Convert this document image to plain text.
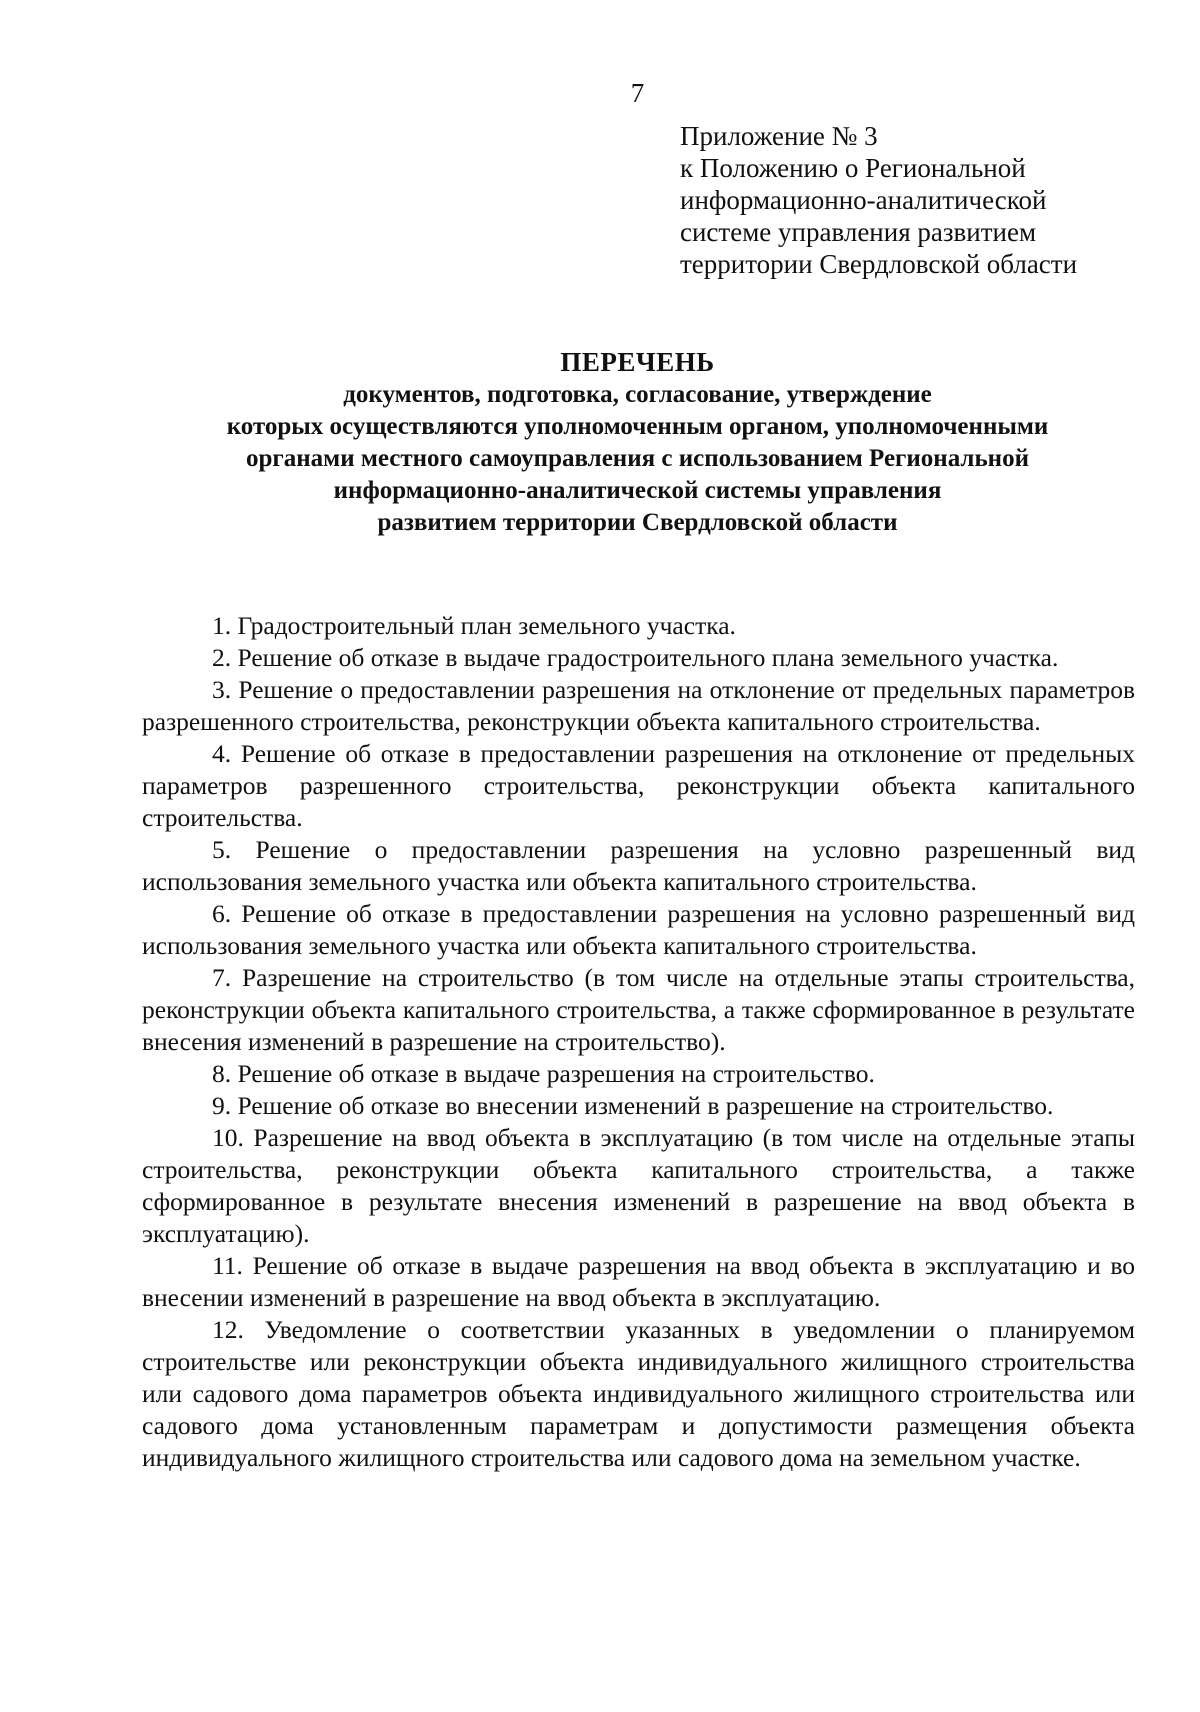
7
Приложение № 3
к Положению о Региональной
информационно-аналитической
системе управления развитием
территории Свердловской области
ПЕРЕЧЕНЬ
документов, подготовка, согласование, утверждение
которых осуществляются уполномоченным органом, уполномоченными
органами местного самоуправления с использованием Региональной
информационно-аналитической системы управления
развитием территории Свердловской области

1. Градостроительный план земельного участка.

2. Решение об отказе в выдаче градостроительного плана земельного участка.

3. Решение о предоставлении разрешения на отклонение от предельных параметров разрешенного строительства, реконструкции объекта капитального строительства.

4. Решение об отказе в предоставлении разрешения на отклонение от предельных параметров разрешенного строительства, реконструкции объекта капитального строительства.

5. Решение о предоставлении разрешения на условно разрешенный вид использования земельного участка или объекта капитального строительства.

6. Решение об отказе в предоставлении разрешения на условно разрешенный вид использования земельного участка или объекта капитального строительства.

7. Разрешение на строительство (в том числе на отдельные этапы строительства, реконструкции объекта капитального строительства, а также сформированное в результате внесения изменений в разрешение на строительство).

8. Решение об отказе в выдаче разрешения на строительство.

9. Решение об отказе во внесении изменений в разрешение на строительство.

10. Разрешение на ввод объекта в эксплуатацию (в том числе на отдельные этапы строительства, реконструкции объекта капитального строительства, а также сформированное в результате внесения изменений в разрешение на ввод объекта в эксплуатацию).

11. Решение об отказе в выдаче разрешения на ввод объекта в эксплуатацию и во внесении изменений в разрешение на ввод объекта в эксплуатацию.

12. Уведомление о соответствии указанных в уведомлении о планируемом строительстве или реконструкции объекта индивидуального жилищного строительства или садового дома параметров объекта индивидуального жилищного строительства или садового дома установленным параметрам и допустимости размещения объекта индивидуального жилищного строительства или садового дома на земельном участке.
